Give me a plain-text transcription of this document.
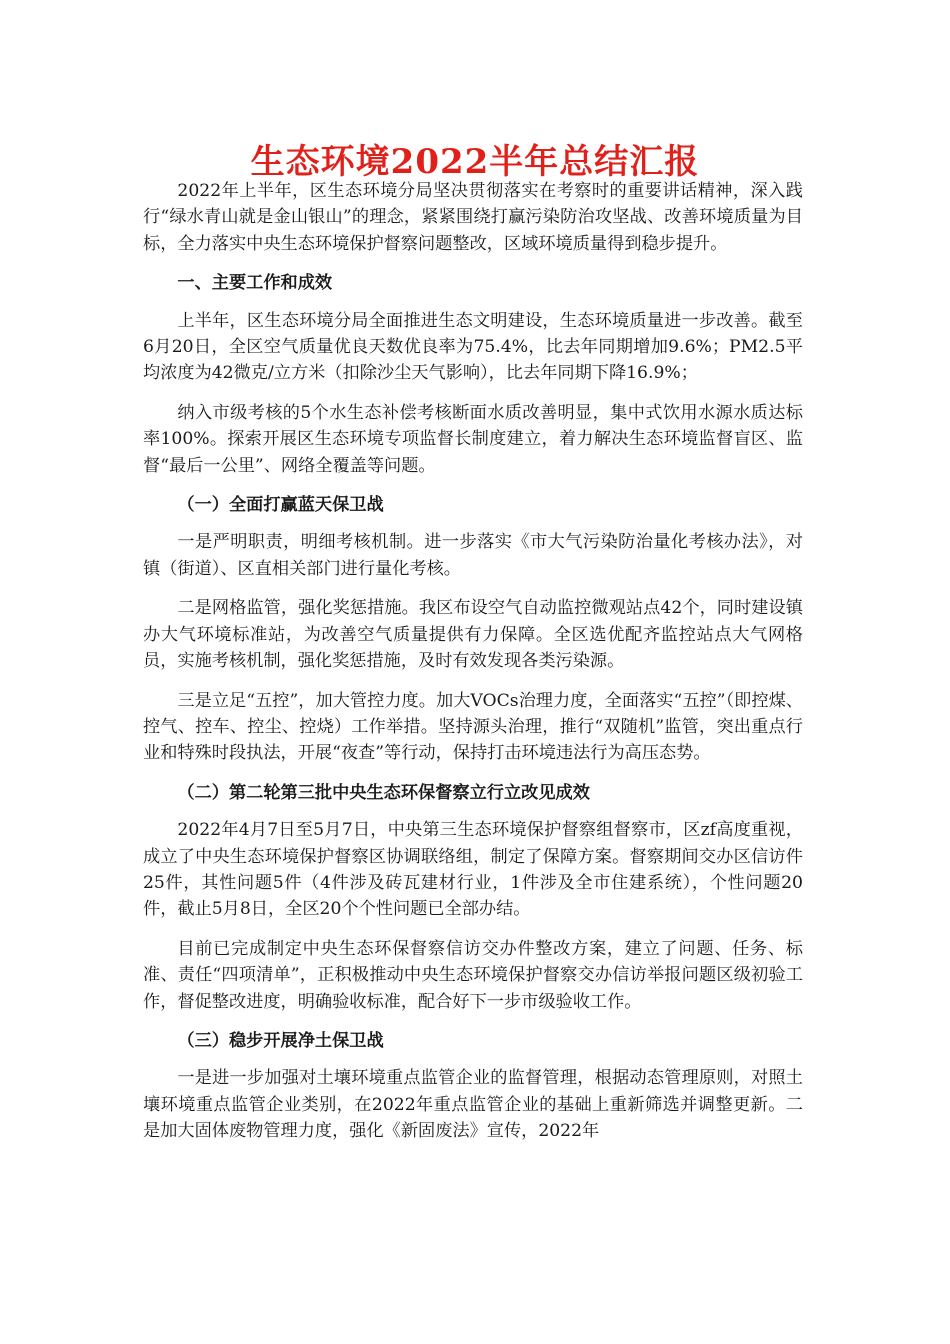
生态环境2022半年总结汇报

2022年上半年，区生态环境分局坚决贯彻落实在考察时的重要讲话精神，深入践行“绿水青山就是金山银山”的理念，紧紧围绕打赢污染防治攻坚战、改善环境质量为目标，全力落实中央生态环境保护督察问题整改，区域环境质量得到稳步提升。

一、主要工作和成效

上半年，区生态环境分局全面推进生态文明建设，生态环境质量进一步改善。截至6月20日，全区空气质量优良天数优良率为75.4%，比去年同期增加9.6%；PM2.5平均浓度为42微克/立方米（扣除沙尘天气影响），比去年同期下降16.9%；

纳入市级考核的5个水生态补偿考核断面水质改善明显，集中式饮用水源水质达标率100%。探索开展区生态环境专项监督长制度建立，着力解决生态环境监督盲区、监督“最后一公里”、网络全覆盖等问题。

（一）全面打赢蓝天保卫战

一是严明职责，明细考核机制。进一步落实《市大气污染防治量化考核办法》，对镇（街道）、区直相关部门进行量化考核。

二是网格监管，强化奖惩措施。我区布设空气自动监控微观站点42个，同时建设镇办大气环境标准站，为改善空气质量提供有力保障。全区选优配齐监控站点大气网格员，实施考核机制，强化奖惩措施，及时有效发现各类污染源。

三是立足“五控”，加大管控力度。加大VOCs治理力度，全面落实“五控”（即控煤、控气、控车、控尘、控烧）工作举措。坚持源头治理，推行“双随机”监管，突出重点行业和特殊时段执法，开展“夜查”等行动，保持打击环境违法行为高压态势。

（二）第二轮第三批中央生态环保督察立行立改见成效

2022年4月7日至5月7日，中央第三生态环境保护督察组督察市，区zf高度重视，成立了中央生态环境保护督察区协调联络组，制定了保障方案。督察期间交办区信访件25件，其性问题5件（4件涉及砖瓦建材行业，1件涉及全市住建系统），个性问题20件，截止5月8日，全区20个个性问题已全部办结。

目前已完成制定中央生态环保督察信访交办件整改方案，建立了问题、任务、标准、责任“四项清单”，正积极推动中央生态环境保护督察交办信访举报问题区级初验工作，督促整改进度，明确验收标准，配合好下一步市级验收工作。

（三）稳步开展净土保卫战

一是进一步加强对土壤环境重点监管企业的监督管理，根据动态管理原则，对照土壤环境重点监管企业类别，在2022年重点监管企业的基础上重新筛选并调整更新。二是加大固体废物管理力度，强化《新固废法》宣传，2022年
